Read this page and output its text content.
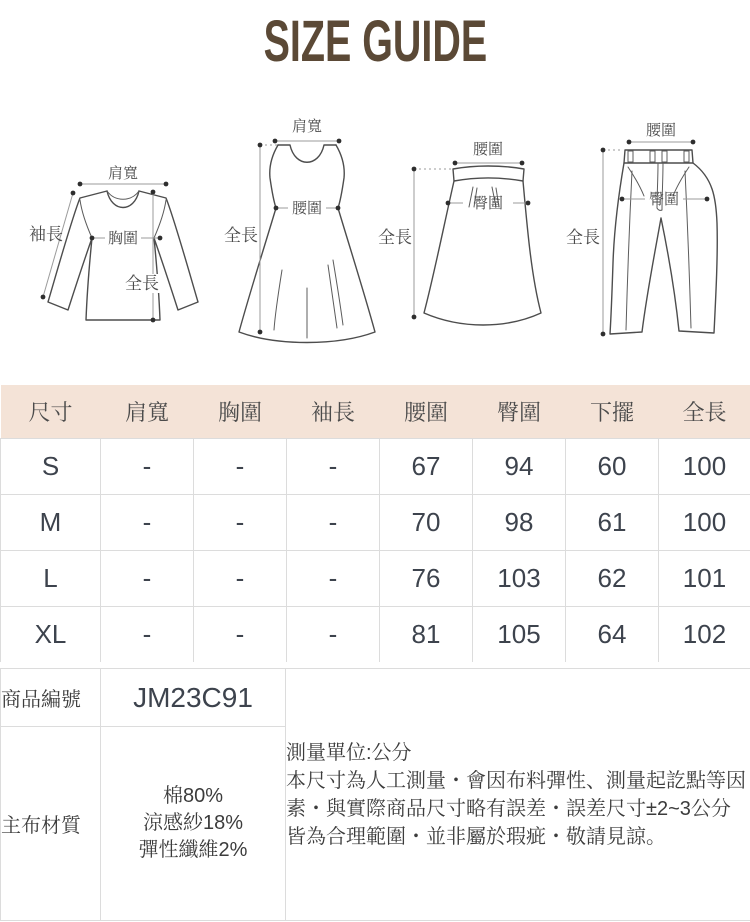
SIZE GUIDE
肩寬
袖長	胸圍
全長
肩寬
腰圍
全長
腰圍
臀圍
全長
腰圍
臀圍
全長
尺寸	肩寬	胸圍	袖長	腰圍	臀圍	下擺	全長
S	-	-	-	67	94	60	100
M	-	-	-	70	98	61	100
L	-	-	-	76	103	62	101
XL	-	-	-	81	105	64	102
商品編號	JM23C91	測量單位:公分
本尺寸為人工測量・會因布料彈性、測量起訖點等因素・與實際商品尺寸略有誤差・誤差尺寸±2~3公分皆為合理範圍・並非屬於瑕疵・敬請見諒。

主布材質	棉80%
涼感紗18%
彈性纖維2%	
